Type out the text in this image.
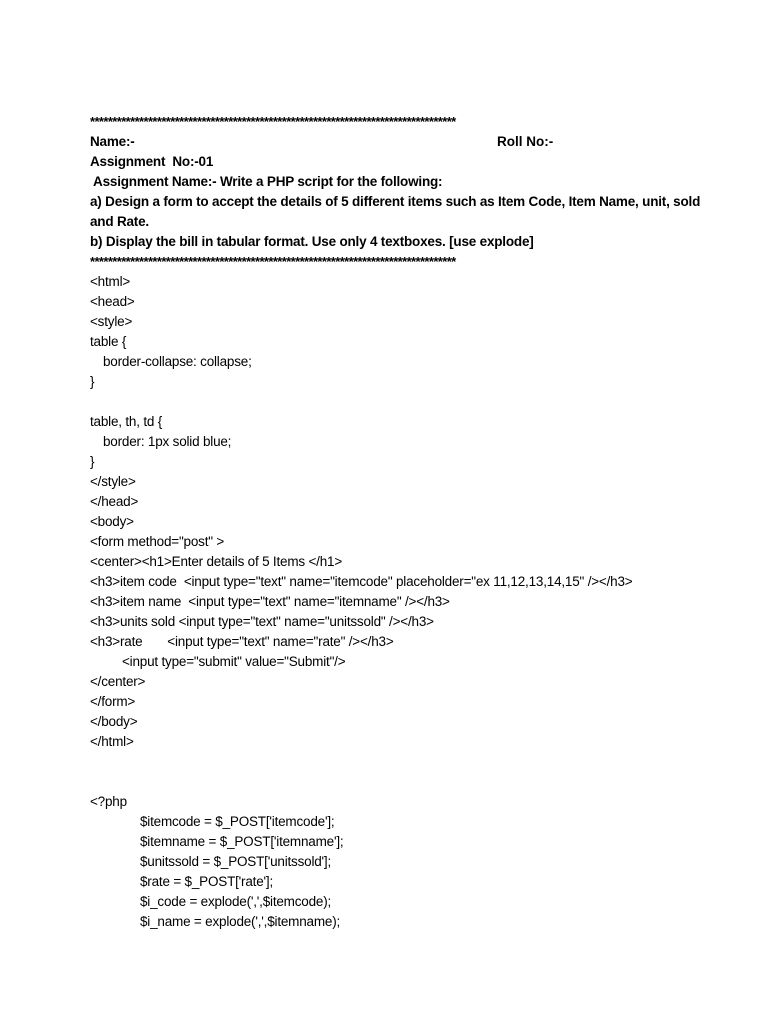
**********************************************************************************
Name:-	Roll No:-
Assignment  No:-01
Assignment Name:- Write a PHP script for the following:
a) Design a form to accept the details of 5 different items such as Item Code, Item Name, unit, sold
and Rate.
b) Display the bill in tabular format. Use only 4 textboxes. [use explode]
**********************************************************************************
<html>
<head>
<style>
table {
border-collapse: collapse;
}
table, th, td {
border: 1px solid blue;
}
</style>
</head>
<body>
<form method="post" >
<center><h1>Enter details of 5 Items </h1>
<h3>item code  <input type="text" name="itemcode" placeholder="ex 11,12,13,14,15" /></h3>
<h3>item name  <input type="text" name="itemname" /></h3>
<h3>units sold <input type="text" name="unitssold" /></h3>
<h3>rate       <input type="text" name="rate" /></h3>
<input type="submit" value="Submit"/>
</center>
</form>
</body>
</html>
<?php
$itemcode = $_POST['itemcode'];
$itemname = $_POST['itemname'];
$unitssold = $_POST['unitssold'];
$rate = $_POST['rate'];
$i_code = explode(',',$itemcode);
$i_name = explode(',',$itemname);
